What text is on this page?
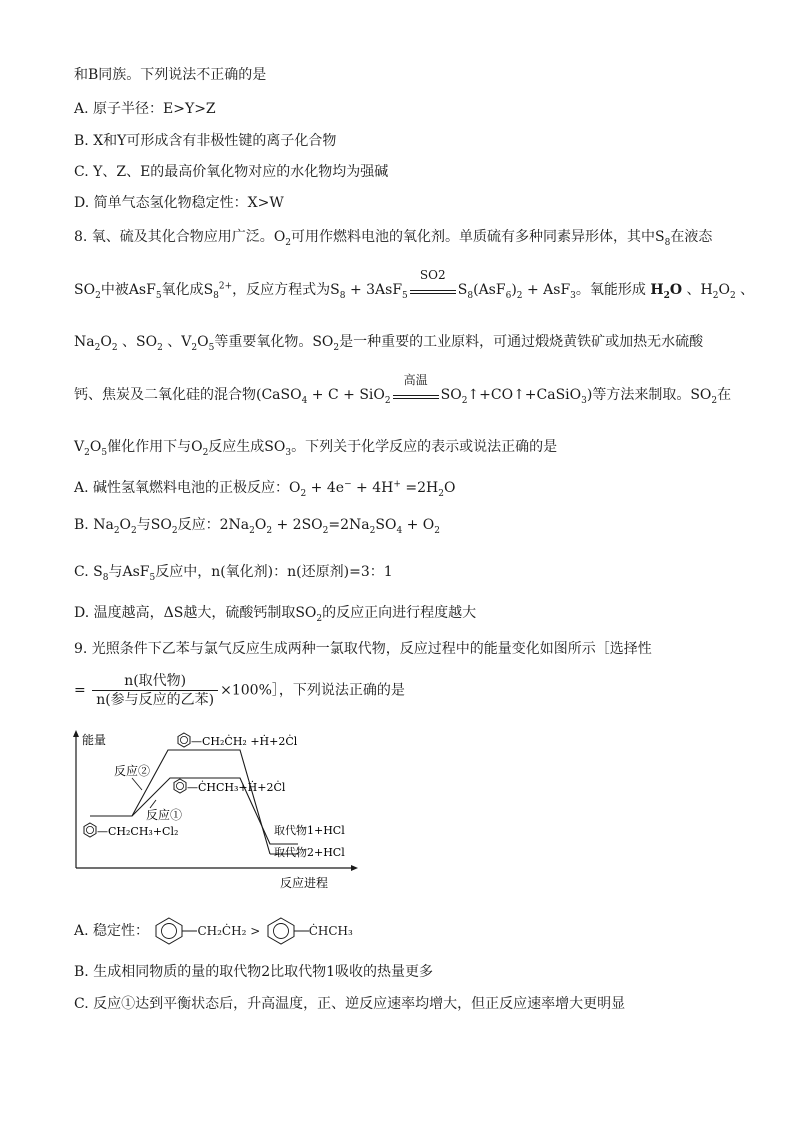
和B同族。下列说法不正确的是
A. 原子半径：E>Y>Z
B. X和Y可形成含有非极性键的离子化合物
C. Y、Z、E的最高价氧化物对应的水化物均为强碱
D. 简单气态氢化物稳定性：X>W
8. 氧、硫及其化合物应用广泛。$O_2$可用作燃料电池的氧化剂。单质硫有多种同素异形体，其中$S_8$在液态
$SO_2$中被AsF$_5$氧化成$S_8^{2+}$，反应方程式为$S_8 + 3AsF_5$
SO2
$S_8(AsF_6)_2 + AsF_3$。氧能形成 $H_2O$ 、$H_2O_2$ 、
$Na_2O_2$ 、$SO_2$ 、$V_2O_5$等重要氧化物。$SO_2$是一种重要的工业原料，可通过煅烧黄铁矿或加热无水硫酸
钙、焦炭及二氧化硅的混合物(CaSO$_4$ + C + SiO$_2$
高温
$SO_2↑+CO↑+CaSiO_3$)等方法来制取。$SO_2$在
$V_2O_5$催化作用下与$O_2$反应生成$SO_3$。下列关于化学反应的表示或说法正确的是
A. 碱性氢氧燃料电池的正极反应：$O_2 + 4e^- + 4H^+ =2H_2O$
B. $Na_2O_2$与$SO_2$反应：$2Na_2O_2 + 2SO_2=2Na_2SO_4 + O_2$
C. $S_8$与AsF$_5$反应中，n(氧化剂)：n(还原剂)=3：1
D. 温度越高，ΔS越大，硫酸钙制取$SO_2$的反应正向进行程度越大
9. 光照条件下乙苯与氯气反应生成两种一氯取代物，反应过程中的能量变化如图所示［选择性
= $\frac{\text{n(取代物)}}{\text{n(参与反应的乙苯)}}$ ×100%］，下列说法正确的是
能量
反应进程
—CH₂ĊH₂ +Ḣ+2Ċl
—ĊHCH₃+Ḣ+2Ċl
反应②
反应①
—CH₂CH₃+Cl₂	取代物1+HCl
取代物2+HCl
A. 稳定性：	CH₂ĊH₂ >	ĊHCH₃
B. 生成相同物质的量的取代物2比取代物1吸收的热量更多
C. 反应①达到平衡状态后，升高温度，正、逆反应速率均增大，但正反应速率增大更明显
